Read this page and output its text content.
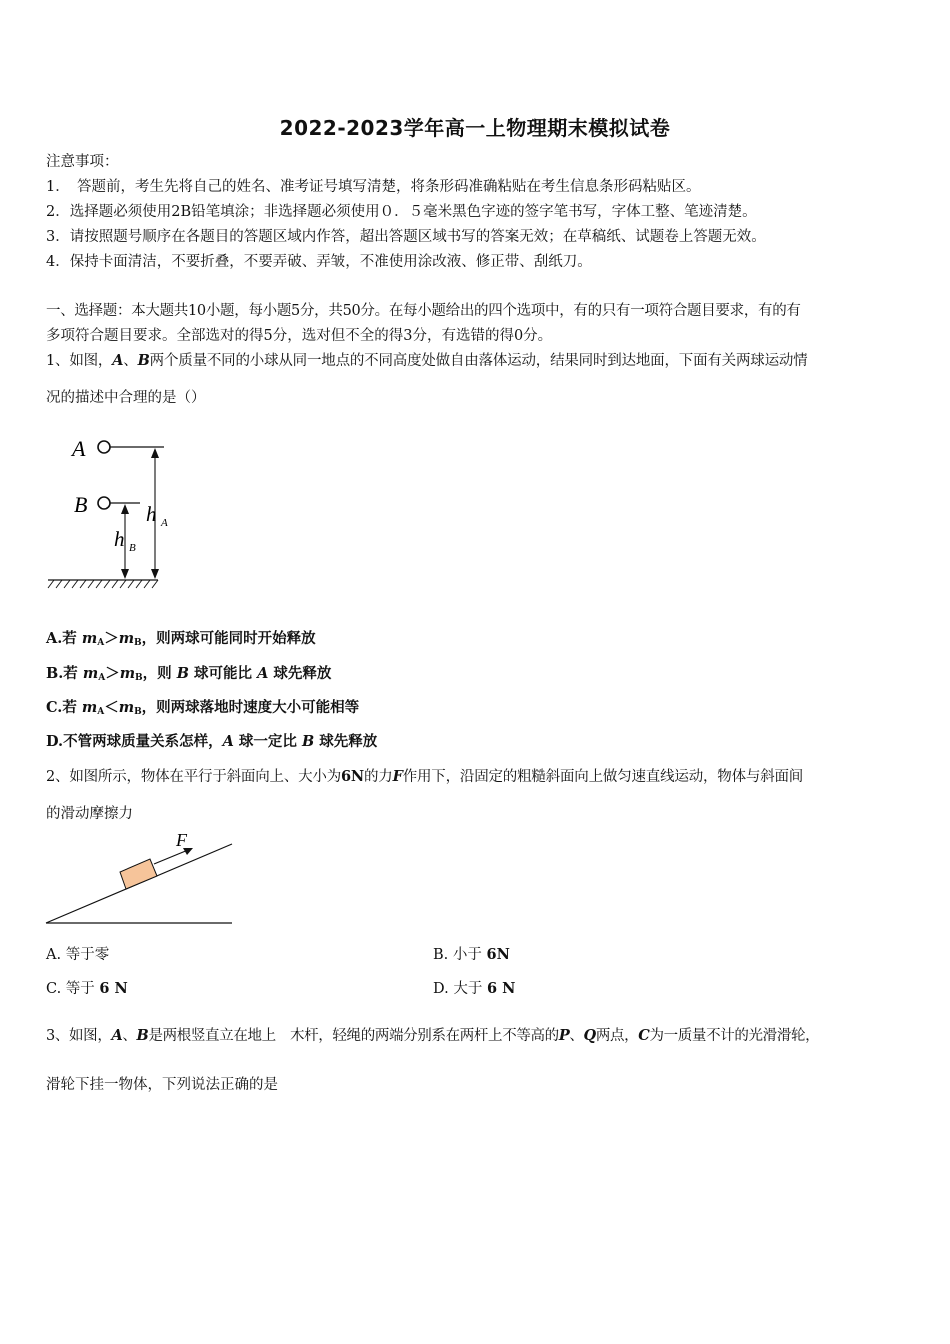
2022-2023学年高一上物理期末模拟试卷
注意事项：
1．　答题前，考生先将自己的姓名、准考证号填写清楚，将条形码准确粘贴在考生信息条形码粘贴区。
2．选择题必须使用2B铅笔填涂；非选择题必须使用０．５毫米黑色字迹的签字笔书写，字体工整、笔迹清楚。
3．请按照题号顺序在各题目的答题区域内作答，超出答题区域书写的答案无效；在草稿纸、试题卷上答题无效。
4．保持卡面清洁，不要折叠，不要弄破、弄皱，不准使用涂改液、修正带、刮纸刀。
一、选择题：本大题共10小题，每小题5分，共50分。在每小题给出的四个选项中，有的只有一项符合题目要求，有的有
多项符合题目要求。全部选对的得5分，选对但不全的得3分，有选错的得0分。
1、如图，A、B两个质量不同的小球从同一地点的不同高度处做自由落体运动，结果同时到达地面，下面有关两球运动情
况的描述中合理的是（）
A
B	h A
h B
A.若 $m_A>m_B$，则两球可能同时开始释放
B.若 $m_A>m_B$，则 B 球可能比 A 球先释放
C.若 $m_A<m_B$，则两球落地时速度大小可能相等
D.不管两球质量关系怎样，A 球一定比 B 球先释放
2、如图所示，物体在平行于斜面向上、大小为6N的力F作用下，沿固定的粗糙斜面向上做匀速直线运动，物体与斜面间
的滑动摩擦力
F
A. 等于零	B. 小于 6N
C. 等于 6 N	D. 大于 6 N
3、如图，A、B是两根竖直立在地上　木杆，轻绳的两端分别系在两杆上不等高的P、Q两点，C为一质量不计的光滑滑轮，
滑轮下挂一物体，下列说法正确的是
